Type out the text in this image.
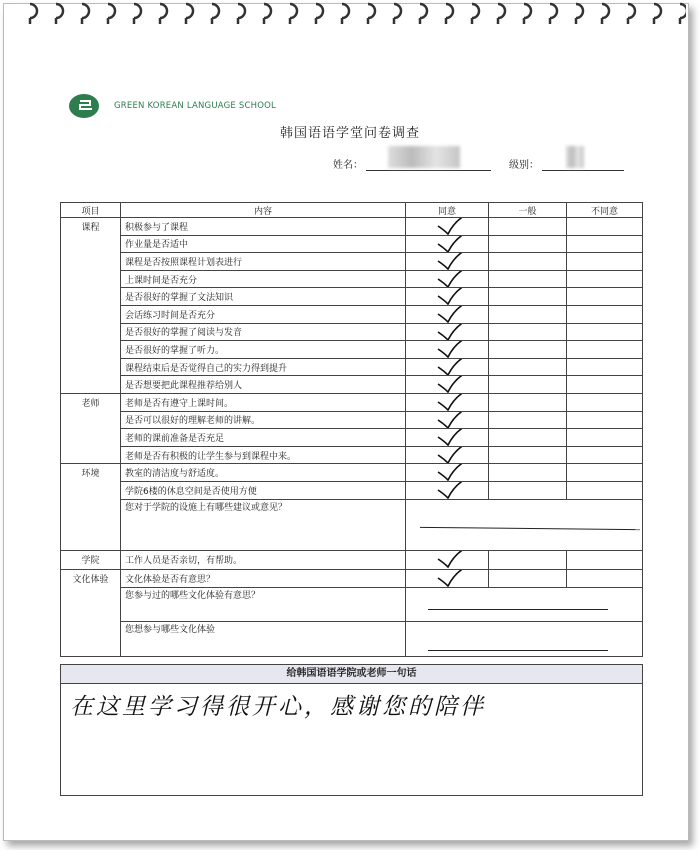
GREEN KOREAN LANGUAGE SCHOOL
韩国语语学堂问卷调查
姓名：	级别：
项目	内容	同意	一般	不同意
课程	积极参与了课程	

	作业量是否适中	

	课程是否按照课程计划表进行	

	上课时间是否充分	

	是否很好的掌握了文法知识	

	会话练习时间是否充分	

	是否很好的掌握了阅读与发音	

	是否很好的掌握了听力。	

	课程结束后是否觉得自己的实力得到提升	

	是否想要把此课程推荐给别人	

老师	老师是否有遵守上课时间。	

	是否可以很好的理解老师的讲解。	

	老师的课前准备是否充足	

	老师是否有积极的让学生参与到课程中来。	

环境	教室的清洁度与舒适度。	

	学院6楼的休息空间是否使用方便	

	您对于学院的设施上有哪些建议或意见？			
学院	工作人员是否亲切，有帮助。	

文化体验	文化体验是否有意思？	

	您参与过的哪些文化体验有意思？			
	您想参与哪些文化体验			
给韩国语语学院或老师一句话
在这里学习得很开心，感谢您的陪伴
